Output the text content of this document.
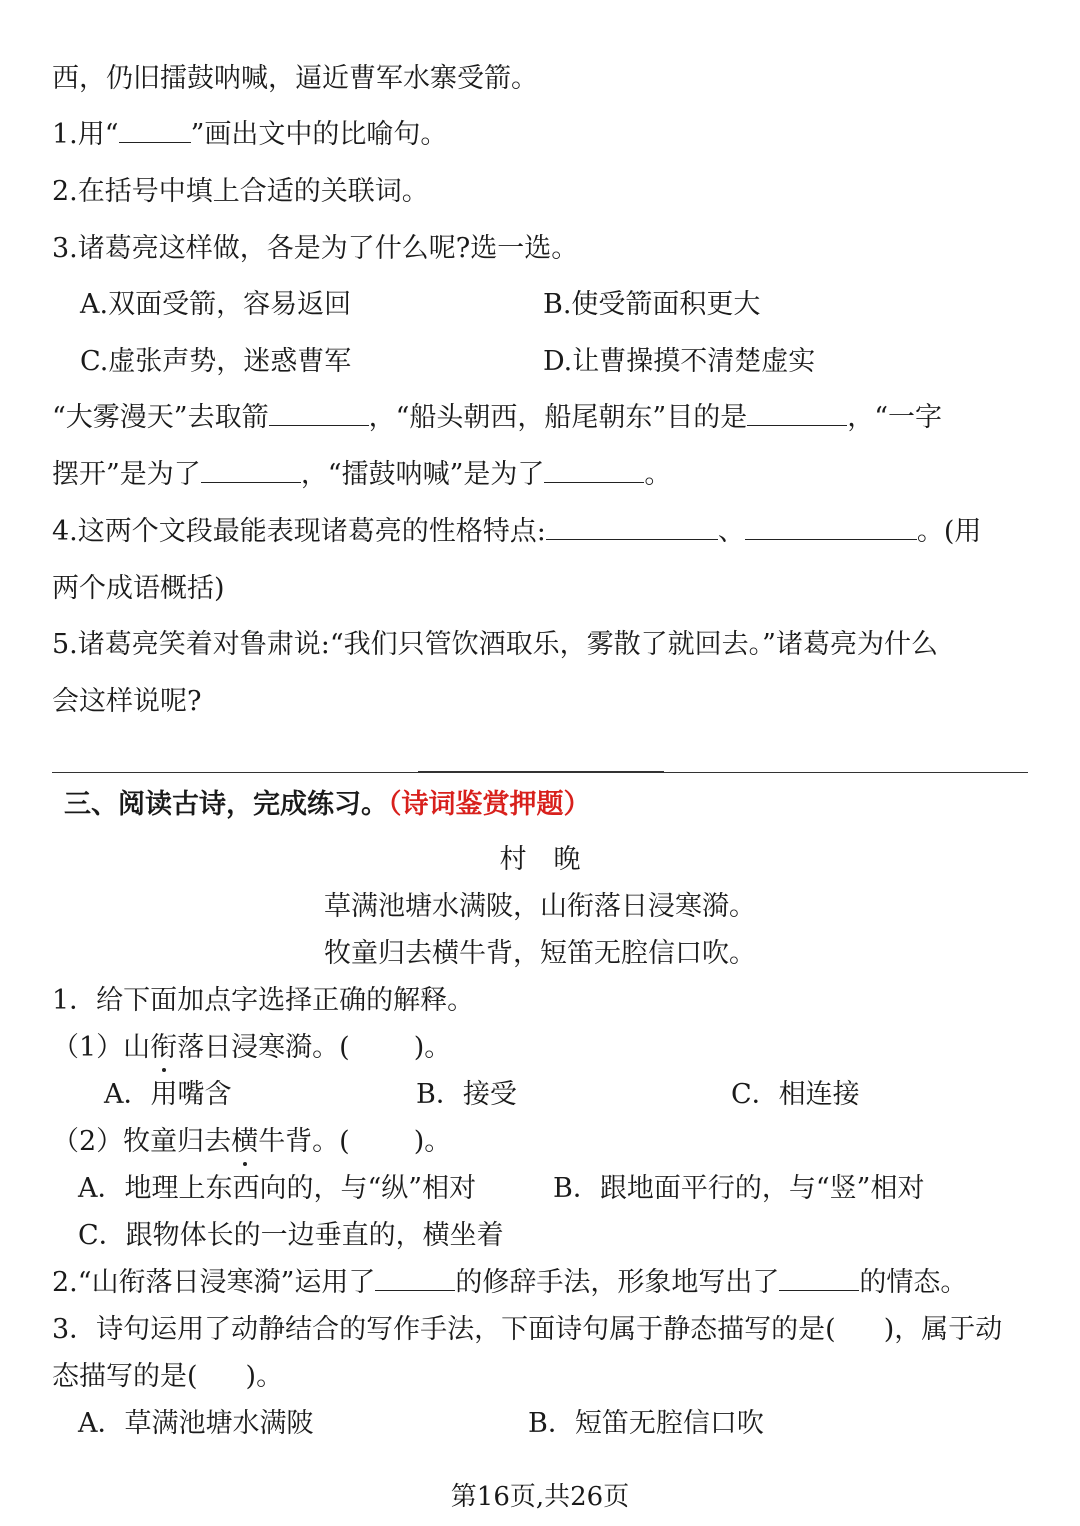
西，仍旧擂鼓呐喊，逼近曹军水寨受箭。
1.用“	”画出文中的比喻句。
2.在括号中填上合适的关联词。
3.诸葛亮这样做，各是为了什么呢?选一选。
A.双面受箭，容易返回	B.使受箭面积更大
C.虚张声势，迷惑曹军	D.让曹操摸不清楚虚实
“大雾漫天”去取箭	，“船头朝西，船尾朝东”目的是	，“一字
摆开”是为了	，“擂鼓呐喊”是为了	。
4.这两个文段最能表现诸葛亮的性格特点:	、	。(用
两个成语概括)
5.诸葛亮笑着对鲁肃说:“我们只管饮酒取乐，雾散了就回去。”诸葛亮为什么
会这样说呢?
三、阅读古诗，完成练习。（诗词鉴赏押题）
村　晚
草满池塘水满陂，山衔落日浸寒漪。
牧童归去横牛背，短笛无腔信口吹。
1．给下面加点字选择正确的解释。
（1）山衔落日浸寒漪。( )。
A．用嘴含	B．接受	C．相连接
（2）牧童归去横牛背。( )。
A．地理上东西向的，与“纵”相对	B．跟地面平行的，与“竖”相对
C．跟物体长的一边垂直的，横坐着
2.“山衔落日浸寒漪”运用了	的修辞手法，形象地写出了	的情态。
3．诗句运用了动静结合的写作手法，下面诗句属于静态描写的是( )，属于动
态描写的是( )。
A．草满池塘水满陂	B．短笛无腔信口吹
第16页,共26页
